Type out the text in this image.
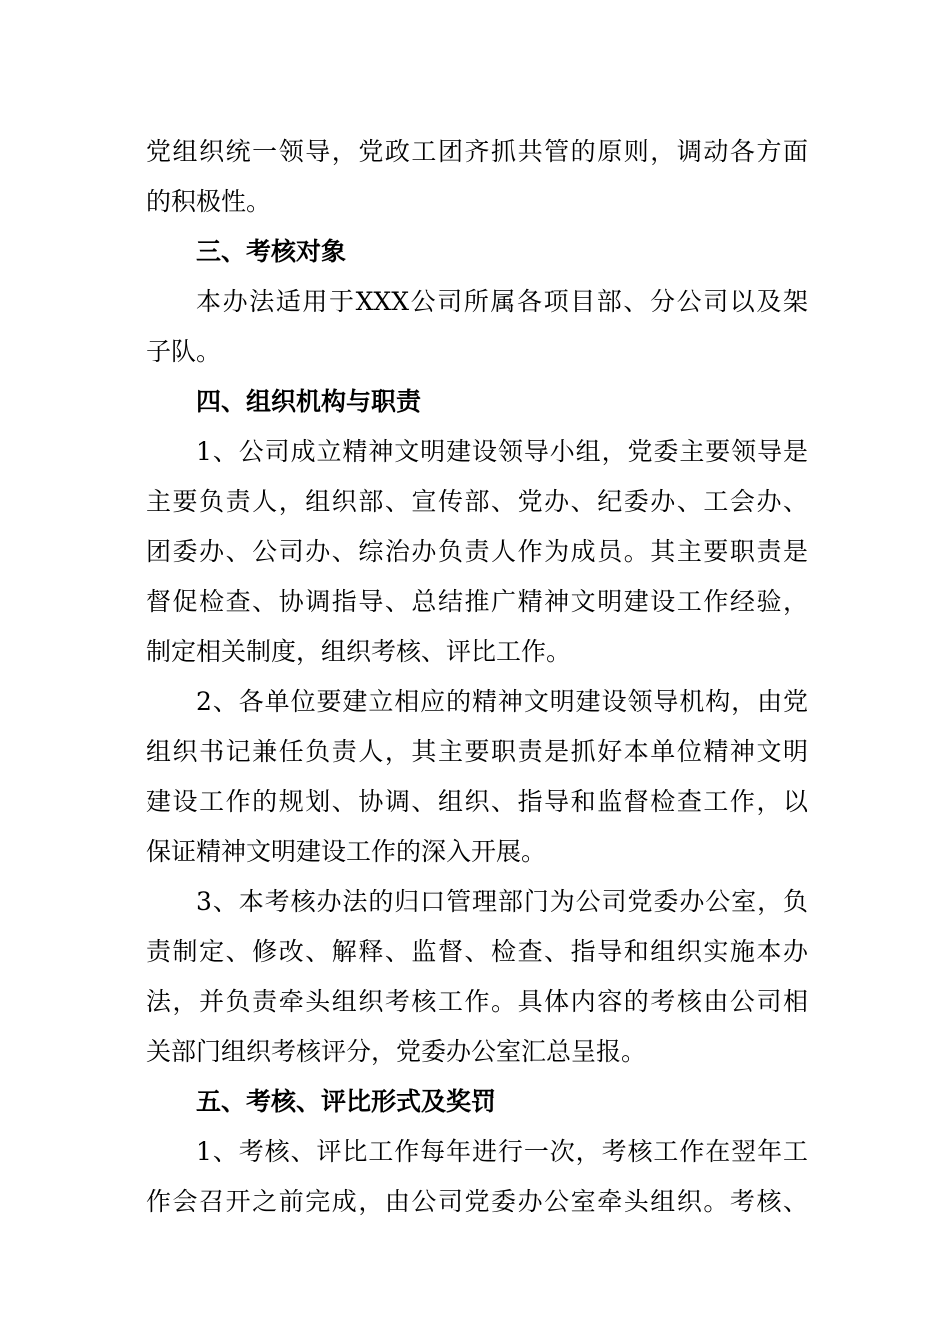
党组织统一领导，党政工团齐抓共管的原则，调动各方面
的积极性。
三、考核对象
本办法适用于XXX公司所属各项目部、分公司以及架
子队。
四、组织机构与职责
1、公司成立精神文明建设领导小组，党委主要领导是
主要负责人，组织部、宣传部、党办、纪委办、工会办、
团委办、公司办、综治办负责人作为成员。其主要职责是
督促检查、协调指导、总结推广精神文明建设工作经验，
制定相关制度，组织考核、评比工作。
2、各单位要建立相应的精神文明建设领导机构，由党
组织书记兼任负责人，其主要职责是抓好本单位精神文明
建设工作的规划、协调、组织、指导和监督检查工作，以
保证精神文明建设工作的深入开展。
3、本考核办法的归口管理部门为公司党委办公室，负
责制定、修改、解释、监督、检查、指导和组织实施本办
法，并负责牵头组织考核工作。具体内容的考核由公司相
关部门组织考核评分，党委办公室汇总呈报。
五、考核、评比形式及奖罚
1、考核、评比工作每年进行一次，考核工作在翌年工
作会召开之前完成，由公司党委办公室牵头组织。考核、
